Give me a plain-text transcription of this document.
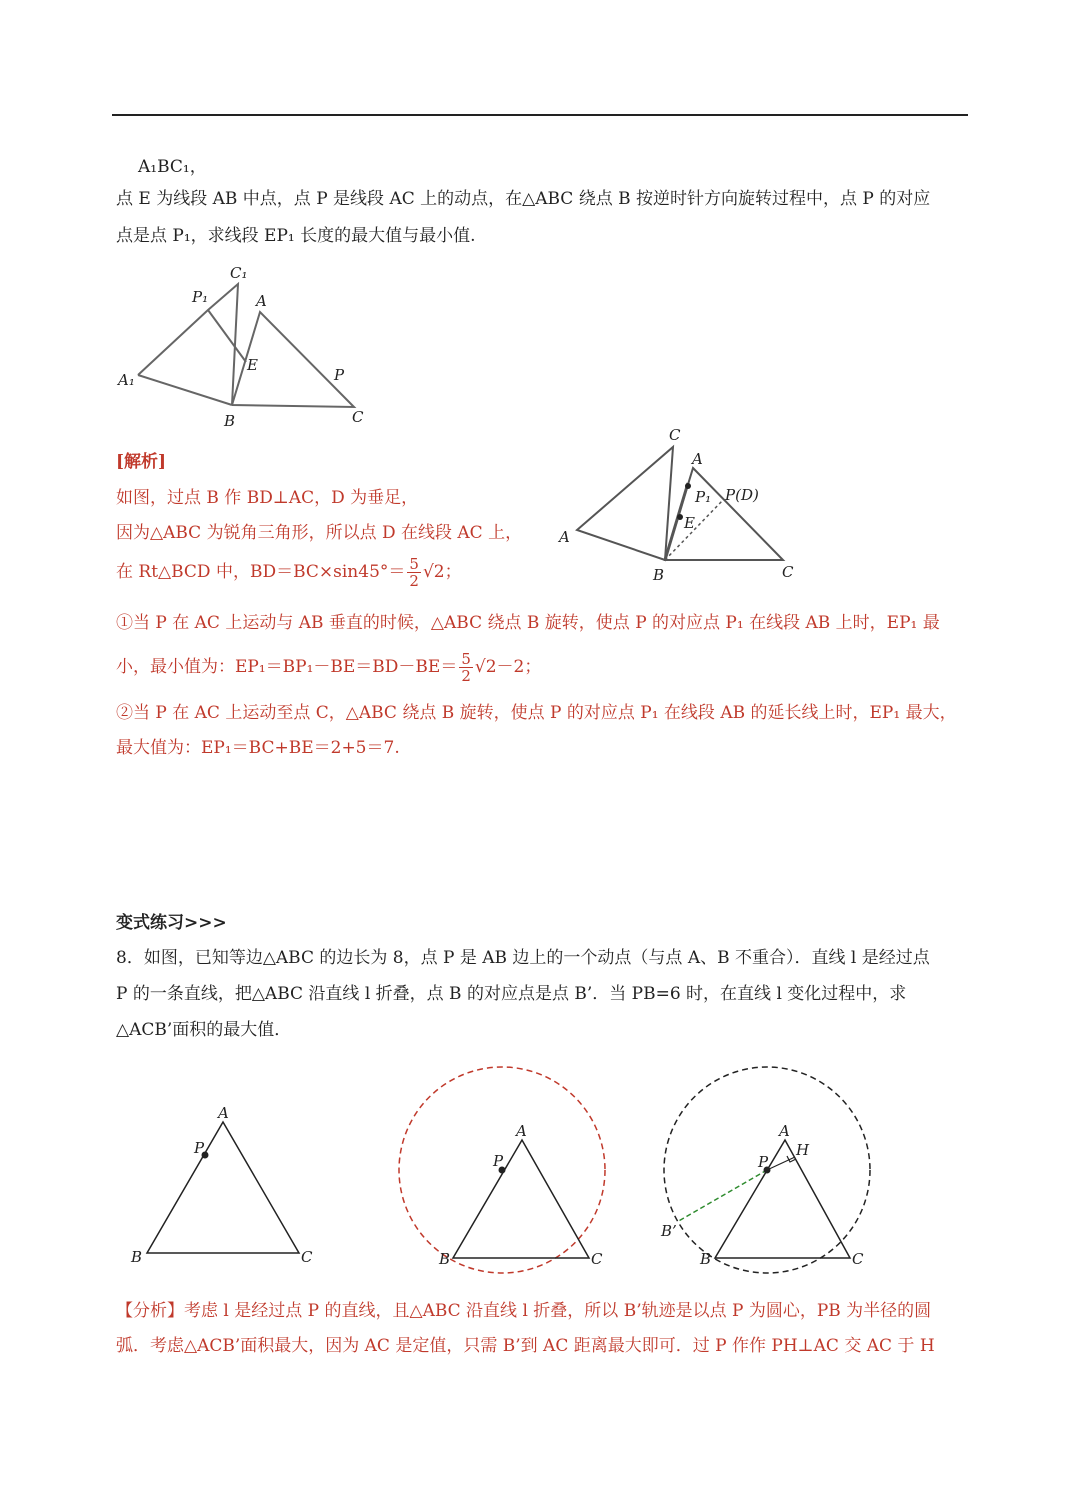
A₁BC₁，
点 E 为线段 AB 中点，点 P 是线段 AC 上的动点，在△ABC 绕点 B 按逆时针方向旋转过程中，点 P 的对应
点是点 P₁，求线段 EP₁ 长度的最大值与最小值.
C₁
P₁	A
A₁
E
P
B	C
[解析]
如图，过点 B 作 BD⊥AC，D 为垂足，
因为△ABC 为锐角三角形，所以点 D 在线段 AC 上，
在 Rt△BCD 中，$BD=BC\times\sin 45^\circ= \frac{5}{2} √2$；
C
A
P₁ P(D)
E
A
B	C
①当 P 在 AC 上运动与 AB 垂直的时候，△ABC 绕点 B 旋转，使点 P 的对应点 P₁ 在线段 AB 上时，EP₁ 最
小，最小值为：$EP_1=BP_1-BE=BD-BE= \frac{5}{2} √2-2$；
②当 P 在 AC 上运动至点 C，△ABC 绕点 B 旋转，使点 P 的对应点 P₁ 在线段 AB 的延长线上时，EP₁ 最大，
最大值为：EP₁＝BC+BE＝2+5＝7.
变式练习>>>
8．如图，已知等边△ABC 的边长为 8，点 P 是 AB 边上的一个动点（与点 A、B 不重合）．直线 l 是经过点
P 的一条直线，把△ABC 沿直线 l 折叠，点 B 的对应点是点 B’．当 PB=6 时，在直线 l 变化过程中，求
△ACB’面积的最大值．
A
P
B	C
A
P
B	C
A
H
P
B’
B	C
【分析】考虑 l 是经过点 P 的直线，且△ABC 沿直线 l 折叠，所以 B’轨迹是以点 P 为圆心，PB 为半径的圆
弧．考虑△ACB’面积最大，因为 AC 是定值，只需 B’到 AC 距离最大即可．过 P 作作 PH⊥AC 交 AC 于 H
